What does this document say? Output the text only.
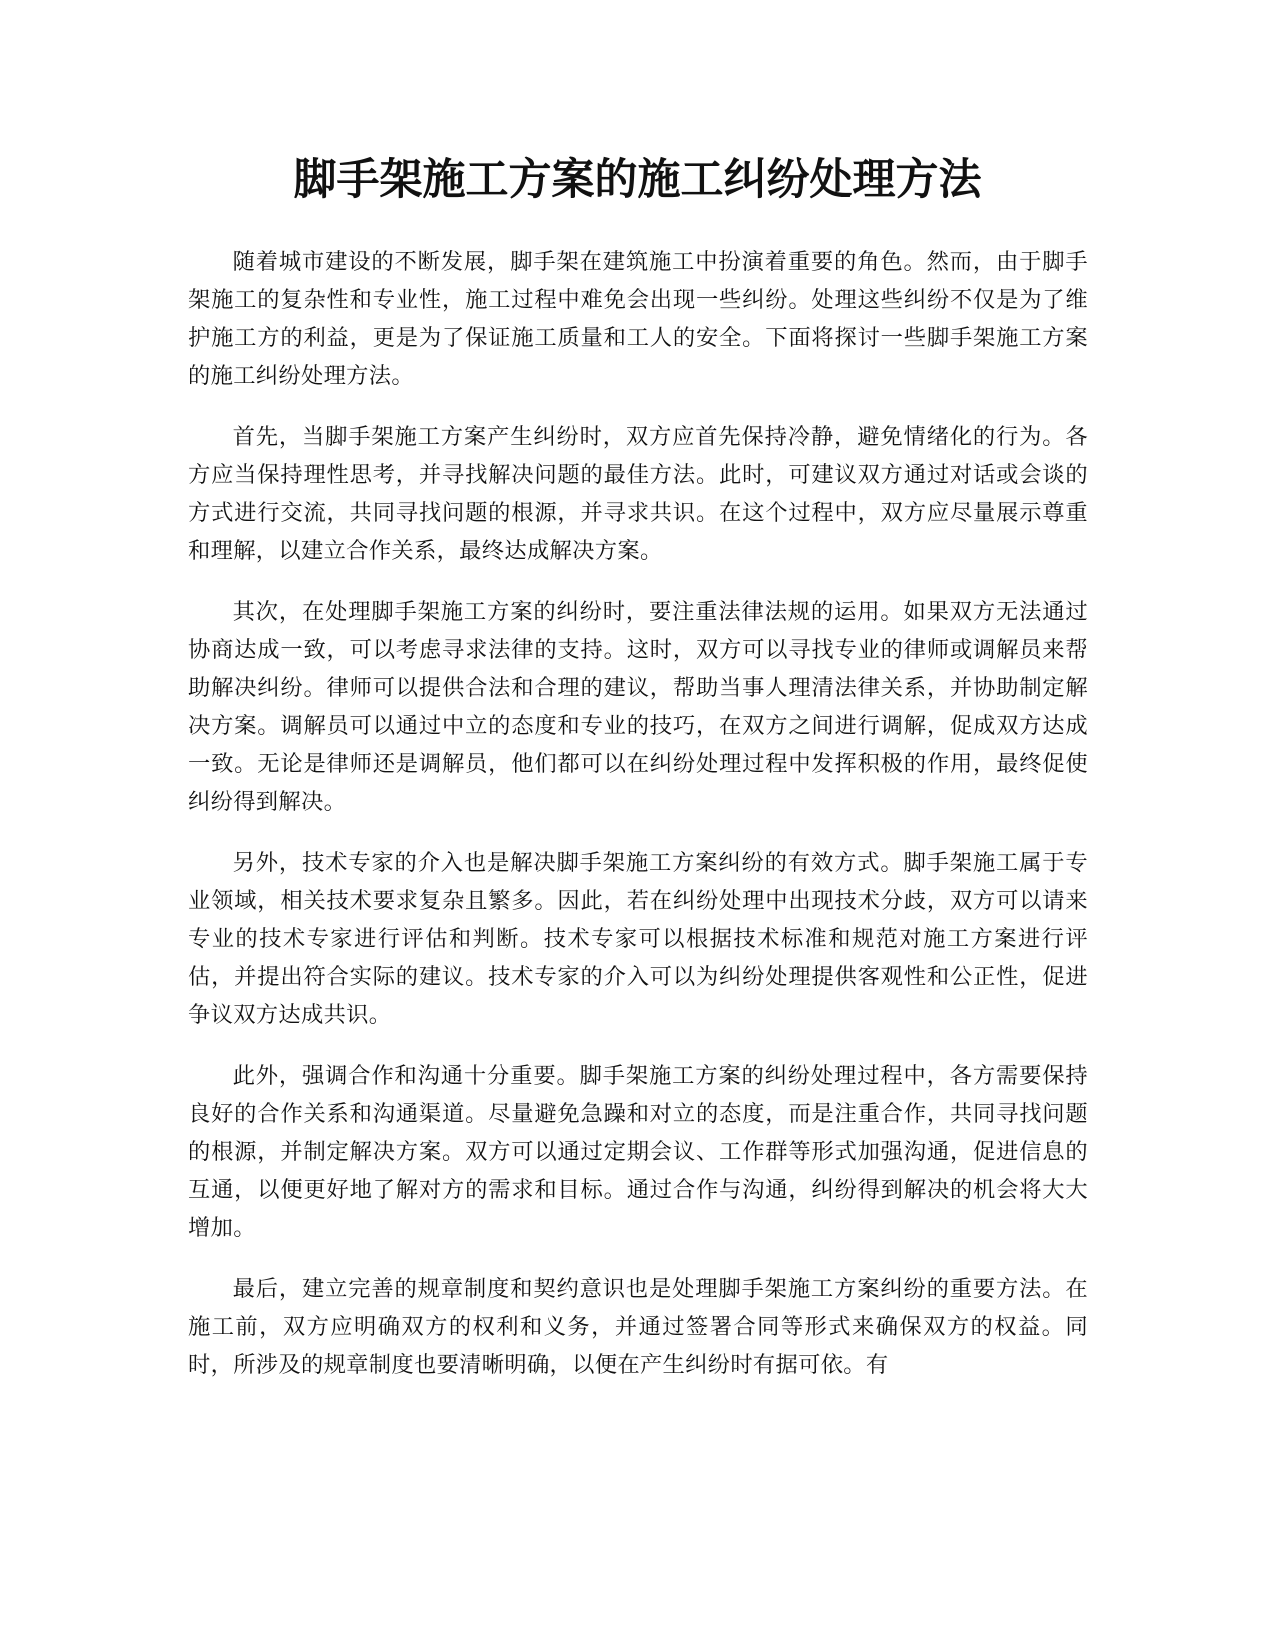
脚手架施工方案的施工纠纷处理方法

随着城市建设的不断发展，脚手架在建筑施工中扮演着重要的角色。然而，由于脚手架施工的复杂性和专业性，施工过程中难免会出现一些纠纷。处理这些纠纷不仅是为了维护施工方的利益，更是为了保证施工质量和工人的安全。下面将探讨一些脚手架施工方案的施工纠纷处理方法。

首先，当脚手架施工方案产生纠纷时，双方应首先保持冷静，避免情绪化的行为。各方应当保持理性思考，并寻找解决问题的最佳方法。此时，可建议双方通过对话或会谈的方式进行交流，共同寻找问题的根源，并寻求共识。在这个过程中，双方应尽量展示尊重和理解，以建立合作关系，最终达成解决方案。

其次，在处理脚手架施工方案的纠纷时，要注重法律法规的运用。如果双方无法通过协商达成一致，可以考虑寻求法律的支持。这时，双方可以寻找专业的律师或调解员来帮助解决纠纷。律师可以提供合法和合理的建议，帮助当事人理清法律关系，并协助制定解决方案。调解员可以通过中立的态度和专业的技巧，在双方之间进行调解，促成双方达成一致。无论是律师还是调解员，他们都可以在纠纷处理过程中发挥积极的作用，最终促使纠纷得到解决。

另外，技术专家的介入也是解决脚手架施工方案纠纷的有效方式。脚手架施工属于专业领域，相关技术要求复杂且繁多。因此，若在纠纷处理中出现技术分歧，双方可以请来专业的技术专家进行评估和判断。技术专家可以根据技术标准和规范对施工方案进行评估，并提出符合实际的建议。技术专家的介入可以为纠纷处理提供客观性和公正性，促进争议双方达成共识。

此外，强调合作和沟通十分重要。脚手架施工方案的纠纷处理过程中，各方需要保持良好的合作关系和沟通渠道。尽量避免急躁和对立的态度，而是注重合作，共同寻找问题的根源，并制定解决方案。双方可以通过定期会议、工作群等形式加强沟通，促进信息的互通，以便更好地了解对方的需求和目标。通过合作与沟通，纠纷得到解决的机会将大大增加。

最后，建立完善的规章制度和契约意识也是处理脚手架施工方案纠纷的重要方法。在施工前，双方应明确双方的权利和义务，并通过签署合同等形式来确保双方的权益。同时，所涉及的规章制度也要清晰明确，以便在产生纠纷时有据可依。有
